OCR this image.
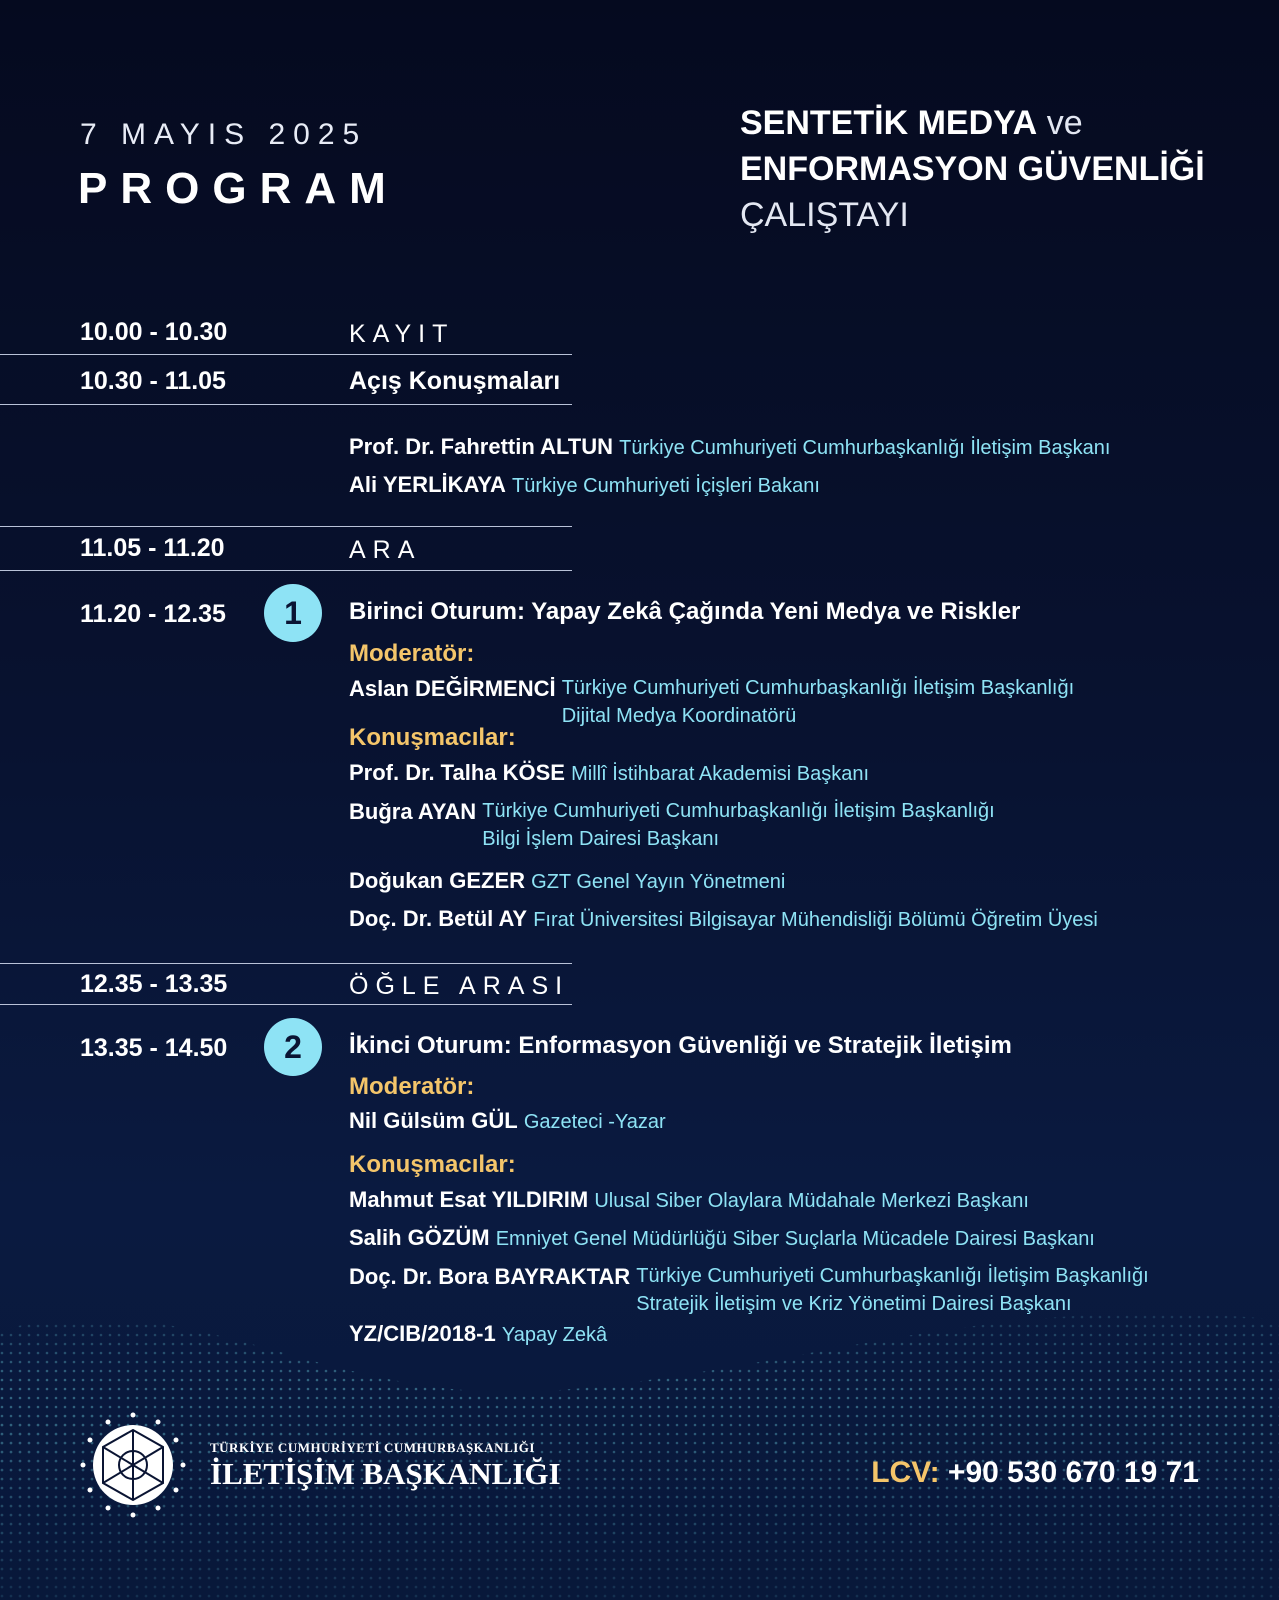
7 MAYIS 2025
PROGRAM
SENTETİK MEDYA ve
ENFORMASYON GÜVENLİĞİ
ÇALIŞTAYI
10.00 - 10.30	KAYIT
10.30 - 11.05	Açış Konuşmaları
Prof. Dr. Fahrettin ALTUN Türkiye Cumhuriyeti Cumhurbaşkanlığı İletişim Başkanı
Ali YERLİKAYA Türkiye Cumhuriyeti İçişleri Bakanı
11.05 - 11.20	ARA
11.20 - 12.35	1	Birinci Oturum: Yapay Zekâ Çağında Yeni Medya ve Riskler
Moderatör:
Aslan DEĞİRMENCİ Türkiye Cumhuriyeti Cumhurbaşkanlığı İletişim Başkanlığı
Dijital Medya Koordinatörü
Konuşmacılar:
Prof. Dr. Talha KÖSE Millî İstihbarat Akademisi Başkanı
Buğra AYAN Türkiye Cumhuriyeti Cumhurbaşkanlığı İletişim Başkanlığı
Bilgi İşlem Dairesi Başkanı
Doğukan GEZER GZT Genel Yayın Yönetmeni
Doç. Dr. Betül AY Fırat Üniversitesi Bilgisayar Mühendisliği Bölümü Öğretim Üyesi
12.35 - 13.35	ÖĞLE ARASI
13.35 - 14.50	2	İkinci Oturum: Enformasyon Güvenliği ve Stratejik İletişim
Moderatör:
Nil Gülsüm GÜL Gazeteci -Yazar
Konuşmacılar:
Mahmut Esat YILDIRIM Ulusal Siber Olaylara Müdahale Merkezi Başkanı
Salih GÖZÜM Emniyet Genel Müdürlüğü Siber Suçlarla Mücadele Dairesi Başkanı
Doç. Dr. Bora BAYRAKTAR Türkiye Cumhuriyeti Cumhurbaşkanlığı İletişim Başkanlığı
Stratejik İletişim ve Kriz Yönetimi Dairesi Başkanı
YZ/CIB/2018-1 Yapay Zekâ
TÜRKİYE CUMHURİYETİ CUMHURBAŞKANLIĞI
İLETİŞİM BAŞKANLIĞI	LCV: +90 530 670 19 71
